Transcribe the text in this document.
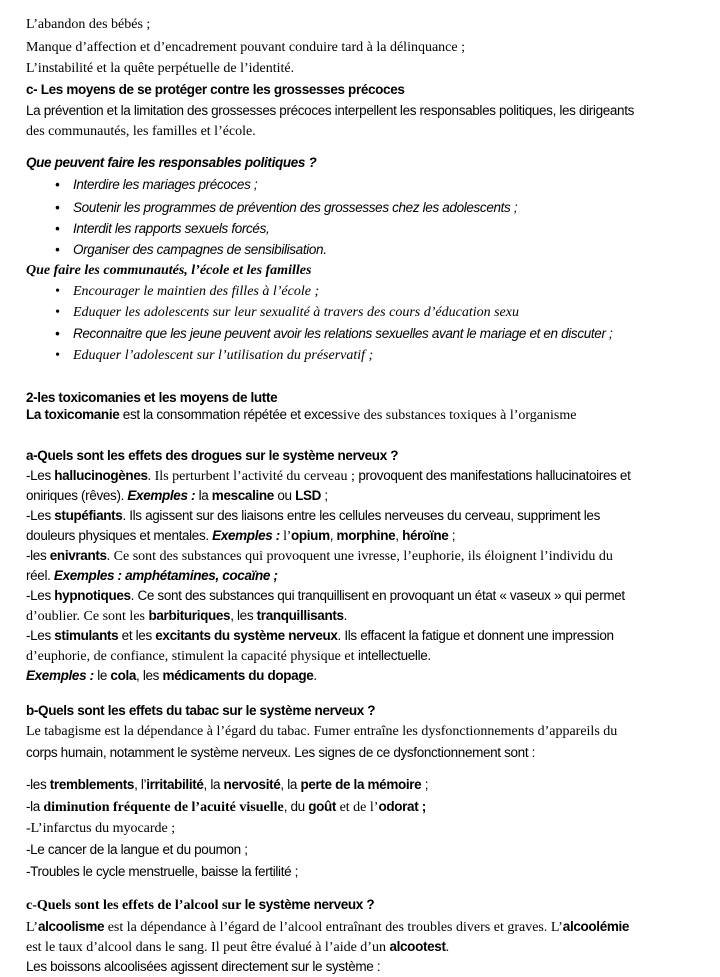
L’abandon des bébés ;
Manque d’affection et d’encadrement pouvant conduire tard à la délinquance ;
L’instabilité et la quête perpétuelle de l’identité.
c- Les moyens de se protéger contre les grossesses précoces
La prévention et la limitation des grossesses précoces interpellent les responsables politiques, les dirigeants
des communautés, les familles et l’école.
Que peuvent faire les responsables politiques ?
•	Interdire les mariages précoces ;
•	Soutenir les programmes de prévention des grossesses chez les adolescents ;
•	Interdit les rapports sexuels forcés,
•	Organiser des campagnes de sensibilisation.
Que faire les communautés, l’école et les familles
• Encourager le maintien des filles à l’école ;
• Eduquer les adolescents sur leur sexualité à travers des cours d’éducation sexu
•	Reconnaitre que les jeune peuvent avoir les relations sexuelles avant le mariage et en discuter ;
• Eduquer l’adolescent sur l’utilisation du préservatif ;
2-les toxicomanies et les moyens de lutte
La toxicomanie est la consommation répétée et excessive des substances toxiques à l’organisme
a-Quels sont les effets des drogues sur le système nerveux ?
-Les hallucinogènes. Ils perturbent l’activité du cerveau ; provoquent des manifestations hallucinatoires et
oniriques (rêves). Exemples : la mescaline ou LSD ;
-Les stupéfiants. Ils agissent sur des liaisons entre les cellules nerveuses du cerveau, suppriment les
douleurs physiques et mentales. Exemples : l’opium, morphine, héroïne ;
-les enivrants. Ce sont des substances qui provoquent une ivresse, l’euphorie, ils éloignent l’individu du
réel. Exemples : amphétamines, cocaïne ;
-Les hypnotiques. Ce sont des substances qui tranquillisent en provoquant un état « vaseux » qui permet
d’oublier. Ce sont les barbituriques, les tranquillisants.
-Les stimulants et les excitants du système nerveux. Ils effacent la fatigue et donnent une impression
d’euphorie, de confiance, stimulent la capacité physique et intellectuelle.
Exemples : le cola, les médicaments du dopage.
b-Quels sont les effets du tabac sur le système nerveux ?
Le tabagisme est la dépendance à l’égard du tabac. Fumer entraîne les dysfonctionnements d’appareils du
corps humain, notamment le système nerveux. Les signes de ce dysfonctionnement sont :
-les tremblements, l’irritabilité, la nervosité, la perte de la mémoire ;
-la diminution fréquente de l’acuité visuelle, du goût et de l’odorat ;
-L’infarctus du myocarde ;
-Le cancer de la langue et du poumon ;
-Troubles le cycle menstruelle, baisse la fertilité ;
c-Quels sont les effets de l’alcool sur le système nerveux ?
L’alcoolisme est la dépendance à l’égard de l’alcool entraînant des troubles divers et graves. L’alcoolémie
est le taux d’alcool dans le sang. Il peut être évalué à l’aide d’un alcootest.
Les boissons alcoolisées agissent directement sur le système :
